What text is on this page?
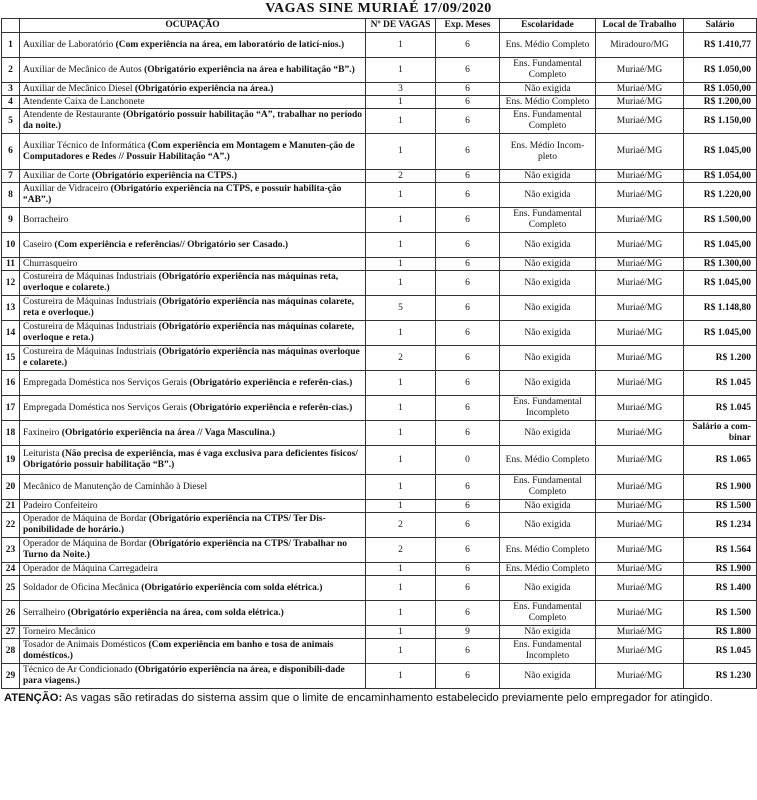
VAGAS SINE MURIAÉ 17/09/2020
	OCUPAÇÃO	Nº DE VAGAS	Exp. Meses	Escolaridade	Local de Trabalho	Salário
1	Auxiliar de Laboratório (Com experiência na área, em laboratório de laticí-nios.)	1	6	Ens. Médio Completo	Miradouro/MG	R$ 1.410,77
2	Auxiliar de Mecânico de Autos (Obrigatório experiência na área e habilitação “B”.)	1	6	Ens. Fundamental Completo	Muriaé/MG	R$ 1.050,00
3	Auxiliar de Mecânico Diesel (Obrigatório experiência na área.)	3	6	Não exigida	Muriaé/MG	R$ 1.050,00
4	Atendente Caixa de Lanchonete	1	6	Ens. Médio Completo	Muriaé/MG	R$ 1.200,00
5	Atendente de Restaurante (Obrigatório possuir habilitação “A”, trabalhar no período da noite.)	1	6	Ens. Fundamental Completo	Muriaé/MG	R$ 1.150,00
6	Auxiliar Técnico de Informática (Com experiência em Montagem e Manuten-ção de Computadores e Redes // Possuir Habilitação “A”.)	1	6	Ens. Médio Incom-pleto	Muriaé/MG	R$ 1.045,00
7	Auxiliar de Corte (Obrigatório experiência na CTPS.)	2	6	Não exigida	Muriaé/MG	R$ 1.054,00
8	Auxiliar de Vidraceiro (Obrigatório experiência na CTPS, e possuir habilita-ção “AB”.)	1	6	Não exigida	Muriaé/MG	R$ 1.220,00
9	Borracheiro	1	6	Ens. Fundamental Completo	Muriaé/MG	R$ 1.500,00
10	Caseiro (Com experiência e referências// Obrigatório ser Casado.)	1	6	Não exigida	Muriaé/MG	R$ 1.045,00
11	Churrasqueiro	1	6	Não exigida	Muriaé/MG	R$ 1.300,00
12	Costureira de Máquinas Industriais (Obrigatório experiência nas máquinas reta, overloque e colarete.)	1	6	Não exigida	Muriaé/MG	R$ 1.045,00
13	Costureira de Máquinas Industriais (Obrigatório experiência nas máquinas colarete, reta e overloque.)	5	6	Não exigida	Muriaé/MG	R$ 1.148,80
14	Costureira de Máquinas Industriais (Obrigatório experiência nas máquinas colarete, overloque e reta.)	1	6	Não exigida	Muriaé/MG	R$ 1.045,00
15	Costureira de Máquinas Industriais (Obrigatório experiência nas máquinas overloque e colarete.)	2	6	Não exigida	Muriaé/MG	R$ 1.200
16	Empregada Doméstica nos Serviços Gerais (Obrigatório experiência e referên-cias.)	1	6	Não exigida	Muriaé/MG	R$ 1.045
17	Empregada Doméstica nos Serviços Gerais (Obrigatório experiência e referên-cias.)	1	6	Ens. Fundamental Incompleto	Muriaé/MG	R$ 1.045
18	Faxineiro (Obrigatório experiência na área // Vaga Masculina.)	1	6	Não exigida	Muriaé/MG	Salário a com-binar
19	Leiturista (Não precisa de experiência, mas é vaga exclusiva para deficientes físicos/ Obrigatório possuir habilitação “B”.)	1	0	Ens. Médio Completo	Muriaé/MG	R$ 1.065
20	Mecânico de Manutenção de Caminhão à Diesel	1	6	Ens. Fundamental Completo	Muriaé/MG	R$ 1.900
21	Padeiro Confeiteiro	1	6	Não exigida	Muriaé/MG	R$ 1.500
22	Operador de Máquina de Bordar (Obrigatório experiência na CTPS/ Ter Dis-ponibilidade de horário.)	2	6	Não exigida	Muriaé/MG	R$ 1.234
23	Operador de Máquina de Bordar (Obrigatório experiência na CTPS/ Trabalhar no Turno da Noite.)	2	6	Ens. Médio Completo	Muriaé/MG	R$ 1.564
24	Operador de Máquina Carregadeira	1	6	Ens. Médio Completo	Muriaé/MG	R$ 1.900
25	Soldador de Oficina Mecânica (Obrigatório experiência com solda elétrica.)	1	6	Não exigida	Muriaé/MG	R$ 1.400
26	Serralheiro (Obrigatório experiência na área, com solda elétrica.)	1	6	Ens. Fundamental Completo	Muriaé/MG	R$ 1.500
27	Torneiro Mecânico	1	9	Não exigida	Muriaé/MG	R$ 1.800
28	Tosador de Animais Domésticos (Com experiência em banho e tosa de animais domésticos.)	1	6	Ens. Fundamental Incompleto	Muriaé/MG	R$ 1.045
29	Técnico de Ar Condicionado (Obrigatório experiência na área, e disponibili-dade para viagens.)	1	6	Não exigida	Muriaé/MG	R$ 1.230
ATENÇÃO: As vagas são retiradas do sistema assim que o limite de encaminhamento estabelecido previamente pelo empregador for atingido.
